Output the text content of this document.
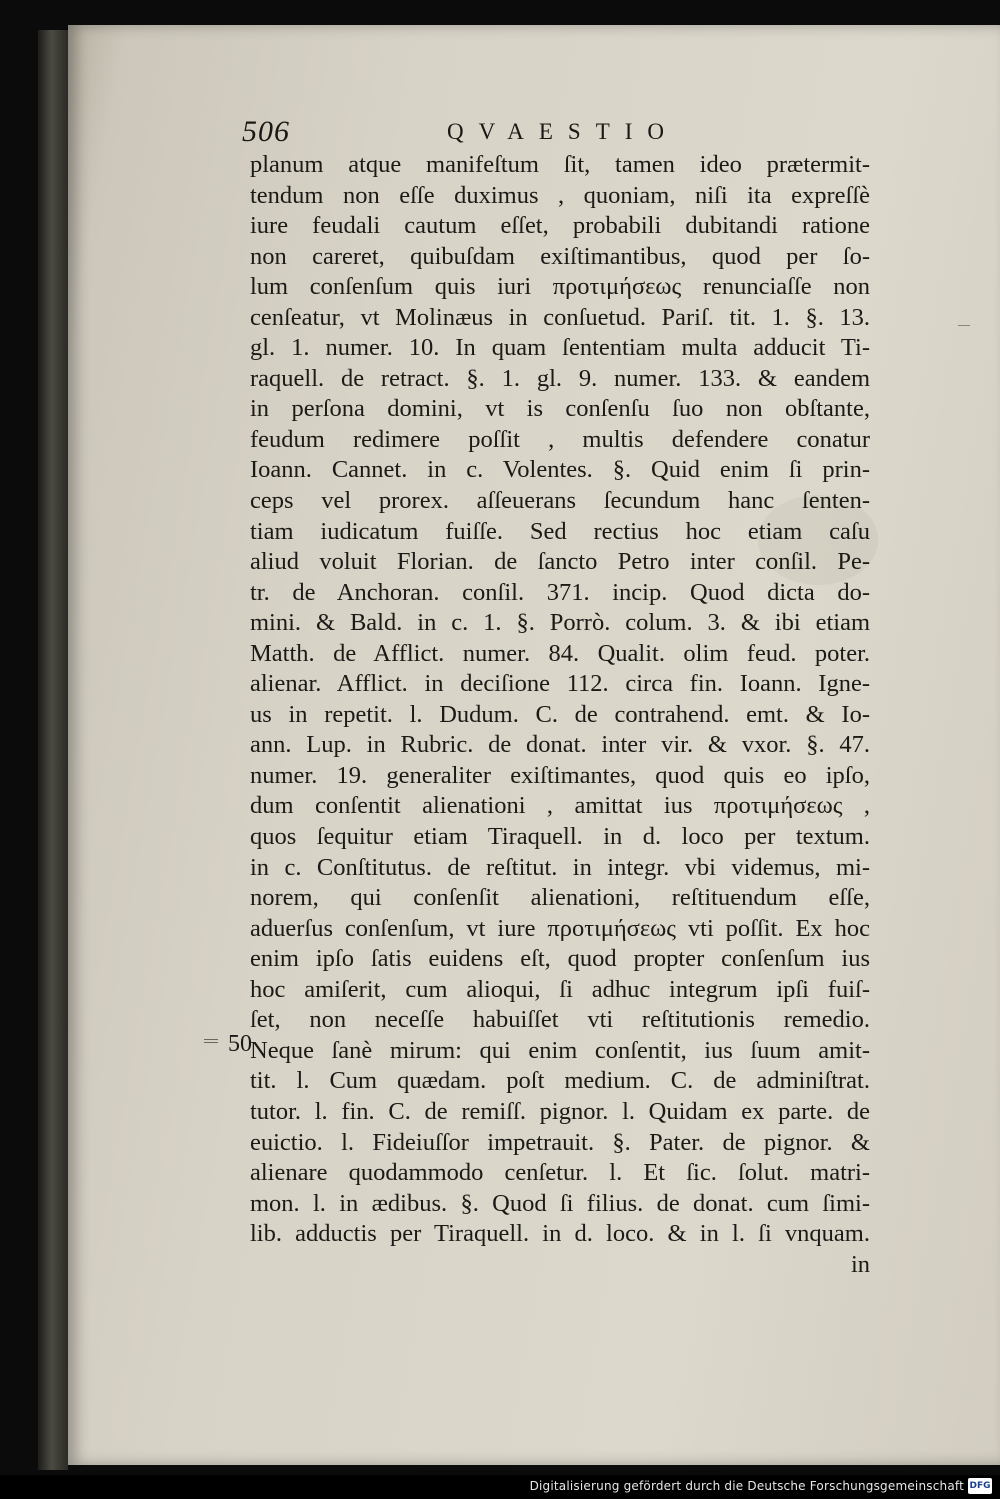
506	QVAESTIO
50
planum atque manifeſtum ſit, tamen ideo prætermit-
tendum non eſſe duximus , quoniam, niſi ita expreſſè
iure feudali cautum eſſet, probabili dubitandi ratione
non careret, quibuſdam exiſtimantibus, quod per ſo-
lum conſenſum quis iuri προτιμήσεως renunciaſſe non
cenſeatur, vt Molinæus in conſuetud. Pariſ. tit. 1. §. 13.
gl. 1. numer. 10. In quam ſententiam multa adducit Ti-
raquell. de retract. §. 1. gl. 9. numer. 133. & eandem
in perſona domini, vt is conſenſu ſuo non obſtante,
feudum redimere poſſit , multis defendere conatur
Ioann. Cannet. in c. Volentes. §. Quid enim ſi prin-
ceps vel prorex. aſſeuerans ſecundum hanc ſenten-
tiam iudicatum fuiſſe. Sed rectius hoc etiam caſu
aliud voluit Florian. de ſancto Petro inter conſil. Pe-
tr. de Anchoran. conſil. 371. incip. Quod dicta do-
mini. & Bald. in c. 1. §. Porrò. colum. 3. & ibi etiam
Matth. de Afflict. numer. 84. Qualit. olim feud. poter.
alienar. Afflict. in deciſione 112. circa fin. Ioann. Igne-
us in repetit. l. Dudum. C. de contrahend. emt. & Io-
ann. Lup. in Rubric. de donat. inter vir. & vxor. §. 47.
numer. 19. generaliter exiſtimantes, quod quis eo ipſo,
dum conſentit alienationi , amittat ius προτιμήσεως ,
quos ſequitur etiam Tiraquell. in d. loco per textum.
in c. Conſtitutus. de reſtitut. in integr. vbi videmus, mi-
norem, qui conſenſit alienationi, reſtituendum eſſe,
aduerſus conſenſum, vt iure προτιμήσεως vti poſſit. Ex hoc
enim ipſo ſatis euidens eſt, quod propter conſenſum ius
hoc amiſerit, cum alioqui, ſi adhuc integrum ipſi fuiſ-
ſet, non neceſſe habuiſſet vti reſtitutionis remedio.
Neque ſanè mirum: qui enim conſentit, ius ſuum amit-
tit. l. Cum quædam. poſt medium. C. de adminiſtrat.
tutor. l. fin. C. de remiſſ. pignor. l. Quidam ex parte. de
euictio. l. Fideiuſſor impetrauit. §. Pater. de pignor. &
alienare quodammodo cenſetur. l. Et ſic. ſolut. matri-
mon. l. in ædibus. §. Quod ſi filius. de donat. cum ſimi-
lib. adductis per Tiraquell. in d. loco. & in l. ſi vnquam.
in
Digitalisierung gefördert durch die Deutsche Forschungsgemeinschaft DFG
